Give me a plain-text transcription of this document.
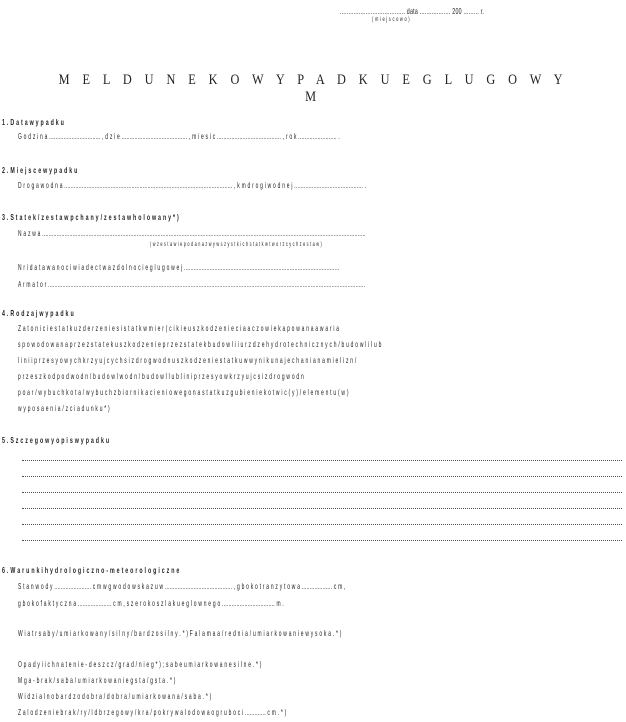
...................................... data .................. 200 ......... r.
( m i e j s c o w o )
M E L D U N E K O W Y P A D K U E G L U G O W Y M
1 . D a t a w y p a d k u
G o d z i n a ................................ , d z i e ......................................... , m i e s i c ........................................ , r o k ........................ .
2 . M i e j s c e w y p a d k u
D r o g a w o d n a ......................................................................................................... , k m d r o g i w o d n e j ........................................... .
3 . S t a t e k / z e s t a w p c h a n y / z e s t a w h o l o w a n y * )
N a z w a ..........................................................................................................................................................................................................
( w z e s t a w i e p o d a n a z w y w s z y s t k i c h s t a t k w t w o r z c y c h z e s t a w )
N r i d a t a w a n o c i w i a d e c t w a z d o l n o c i e g l u g o w e j .................................................................................................
A r m a t o r ......................................................................................................................................................................................................
4 . R o d z a j w y p a d k u
Z a t o n i c i e s t a t k u z d e r z e n i e s i s t a t k w m i e r ( c i k i e u s z k o d z e n i e c i a a c z o w i e k a p o w a n a a w a r i a
s p o w o d o w a n a p r z e z s t a t e k u s z k o d z e n i e p r z e z s t a t e k b u d o w l i i u r z d z e h y d r o t e c h n i c z n y c h / b u d o w l i l u b
l i n i i p r z e s y o w y c h k r z y u j c y c h s i z d r o g w o d n u s z k o d z e n i e s t a t k u w w y n i k u n a j e c h a n i a n a m i e l i z n /
p r z e s z k o d p o d w o d n / b u d o w l w o d n / b u d o w l l u b l i n i p r z e s y o w k r z y u j c s i z d r o g w o d n
p o a r / w y b u c h k o t a / w y b u c h z b i o r n i k a c i e n i o w e g o n a s t a t k u z g u b i e n i e k o t w i c ( y ) / e l e m e n t u ( w )
w y p o s a e n i a / z c i a d u n k u * )
5 . S z c z e g o w y o p i s w y p a d k u
6 . W a r u n k i h y d r o l o g i c z n o - m e t e o r o l o g i c z n e
S t a n w o d y ....................... c m w g w o d o w s k a z u w .......................................... , g b o k o t r a n z y t o w a ................... c m ,
g b o k o f a k t y c z n a ..................... c m , s z e r o k o s z l a k u e g l o w n e g o ................................. m .
W i a t r s a b y / u m i a r k o w a n y / s i l n y / b a r d z o s i l n y . * ) F a l a m a a / r e d n i a / u m i a r k o w a n i e w y s o k a . * )
O p a d y i i c h n a t e n i e - d e s z c z / g r a d / n i e g * ) ; s a b e u m i a r k o w a n e s i l n e . * )
M g a - b r a k / s a b a / u m i a r k o w a n i e g s t a / g s t a . * )
W i d z i a l n o b a r d z o d o b r a / d o b r a / u m i a r k o w a n a / s a b a . * )
Z a l o d z e n i e b r a k / r y / l d b r z e g o w y / k r a / p o k r y w a l o d o w a o g r u b o c i ............. c m . * )
